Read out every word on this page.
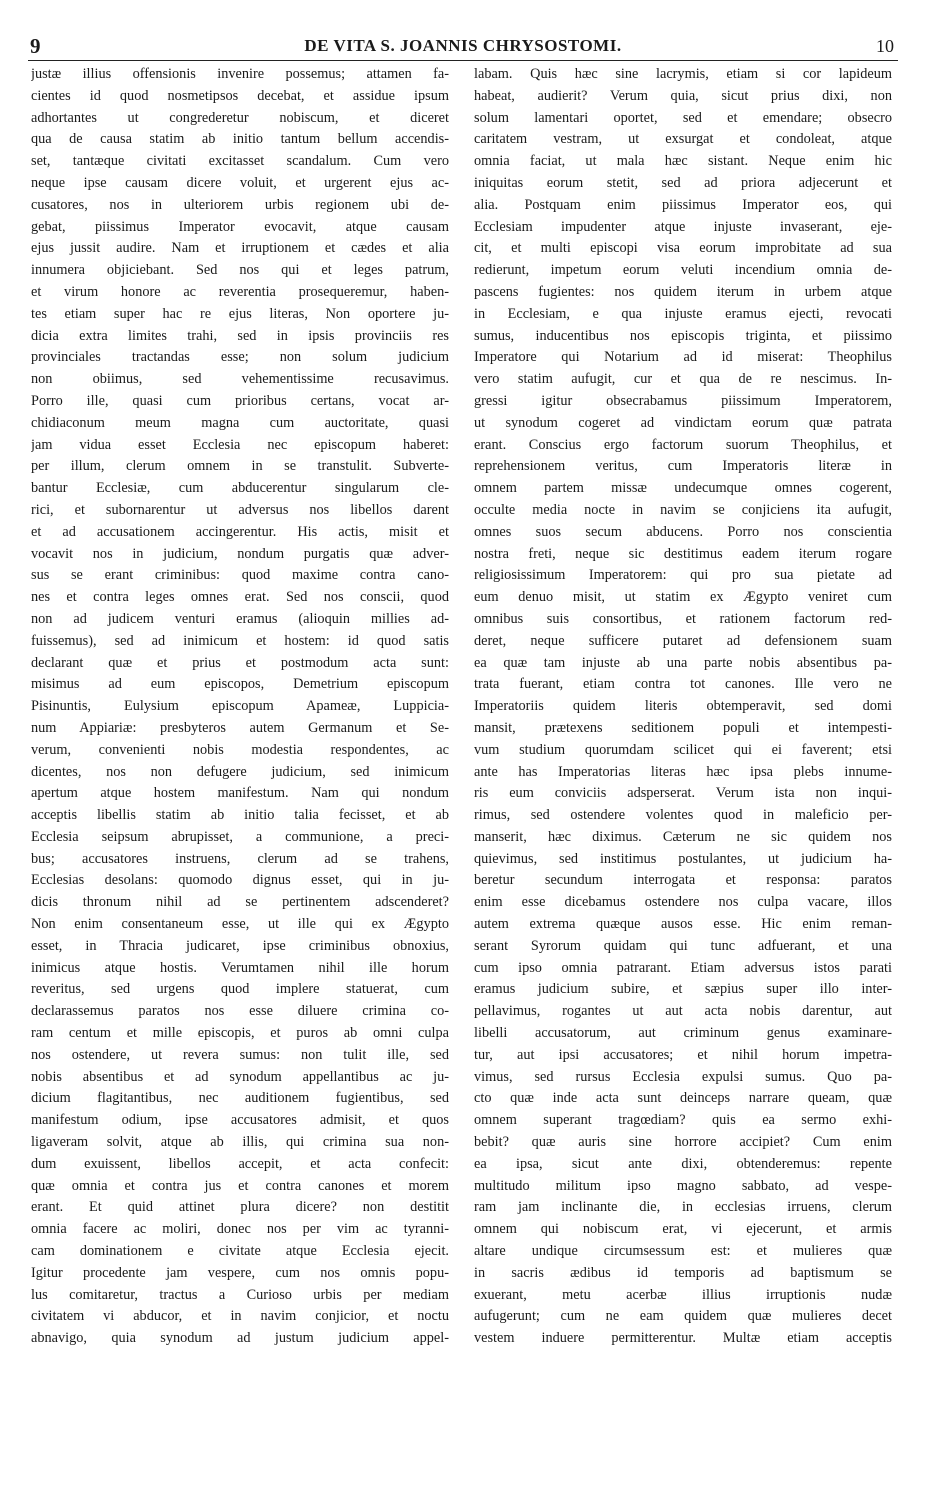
9	DE VITA S. JOANNIS CHRYSOSTOMI.	10
justæ illius offensionis invenire possemus; attamen fa-
cientes id quod nosmetipsos decebat, et assidue ipsum
adhortantes ut congrederetur nobiscum, et diceret
qua de causa statim ab initio tantum bellum accendis-
set, tantæque civitati excitasset scandalum. Cum vero
neque ipse causam dicere voluit, et urgerent ejus ac-
cusatores, nos in ulteriorem urbis regionem ubi de-
gebat, piissimus Imperator evocavit, atque causam
ejus jussit audire. Nam et irruptionem et cædes et alia
innumera objiciebant. Sed nos qui et leges patrum,
et virum honore ac reverentia prosequeremur, haben-
tes etiam super hac re ejus literas, Non oportere ju-
dicia extra limites trahi, sed in ipsis provinciis res
provinciales tractandas esse; non solum judicium
non obiimus, sed vehementissime recusavimus.
Porro ille, quasi cum prioribus certans, vocat ar-
chidiaconum meum magna cum auctoritate, quasi
jam vidua esset Ecclesia nec episcopum haberet:
per illum, clerum omnem in se transtulit. Subverte-
bantur Ecclesiæ, cum abducerentur singularum cle-
rici, et subornarentur ut adversus nos libellos darent
et ad accusationem accingerentur. His actis, misit et
vocavit nos in judicium, nondum purgatis quæ adver-
sus se erant criminibus: quod maxime contra cano-
nes et contra leges omnes erat. Sed nos conscii, quod
non ad judicem venturi eramus (alioquin millies ad-
fuissemus), sed ad inimicum et hostem: id quod satis
declarant quæ et prius et postmodum acta sunt:
misimus ad eum episcopos, Demetrium episcopum
Pisinuntis, Eulysium episcopum Apameæ, Luppicia-
num Appiariæ: presbyteros autem Germanum et Se-
verum, convenienti nobis modestia respondentes, ac
dicentes, nos non defugere judicium, sed inimicum
apertum atque hostem manifestum. Nam qui nondum
acceptis libellis statim ab initio talia fecisset, et ab
Ecclesia seipsum abrupisset, a communione, a preci-
bus; accusatores instruens, clerum ad se trahens,
Ecclesias desolans: quomodo dignus esset, qui in ju-
dicis thronum nihil ad se pertinentem adscenderet?
Non enim consentaneum esse, ut ille qui ex Ægypto
esset, in Thracia judicaret, ipse criminibus obnoxius,
inimicus atque hostis. Verumtamen nihil ille horum
reveritus, sed urgens quod implere statuerat, cum
declarassemus paratos nos esse diluere crimina co-
ram centum et mille episcopis, et puros ab omni culpa
nos ostendere, ut revera sumus: non tulit ille, sed
nobis absentibus et ad synodum appellantibus ac ju-
dicium flagitantibus, nec auditionem fugientibus, sed
manifestum odium, ipse accusatores admisit, et quos
ligaveram solvit, atque ab illis, qui crimina sua non-
dum exuissent, libellos accepit, et acta confecit:
quæ omnia et contra jus et contra canones et morem
erant. Et quid attinet plura dicere? non destitit
omnia facere ac moliri, donec nos per vim ac tyranni-
cam dominationem e civitate atque Ecclesia ejecit.
Igitur procedente jam vespere, cum nos omnis popu-
lus comitaretur, tractus a Curioso urbis per mediam
civitatem vi abducor, et in navim conjicior, et noctu
abnavigo, quia synodum ad justum judicium appel-
labam. Quis hæc sine lacrymis, etiam si cor lapideum
habeat, audierit? Verum quia, sicut prius dixi, non
solum lamentari oportet, sed et emendare; obsecro
caritatem vestram, ut exsurgat et condoleat, atque
omnia faciat, ut mala hæc sistant. Neque enim hic
iniquitas eorum stetit, sed ad priora adjecerunt et
alia. Postquam enim piissimus Imperator eos, qui
Ecclesiam impudenter atque injuste invaserant, eje-
cit, et multi episcopi visa eorum improbitate ad sua
redierunt, impetum eorum veluti incendium omnia de-
pascens fugientes: nos quidem iterum in urbem atque
in Ecclesiam, e qua injuste eramus ejecti, revocati
sumus, inducentibus nos episcopis triginta, et piissimo
Imperatore qui Notarium ad id miserat: Theophilus
vero statim aufugit, cur et qua de re nescimus. In-
gressi igitur obsecrabamus piissimum Imperatorem,
ut synodum cogeret ad vindictam eorum quæ patrata
erant. Conscius ergo factorum suorum Theophilus, et
reprehensionem veritus, cum Imperatoris literæ in
omnem partem missæ undecumque omnes cogerent,
occulte media nocte in navim se conjiciens ita aufugit,
omnes suos secum abducens. Porro nos conscientia
nostra freti, neque sic destitimus eadem iterum rogare
religiosissimum Imperatorem: qui pro sua pietate ad
eum denuo misit, ut statim ex Ægypto veniret cum
omnibus suis consortibus, et rationem factorum red-
deret, neque sufficere putaret ad defensionem suam
ea quæ tam injuste ab una parte nobis absentibus pa-
trata fuerant, etiam contra tot canones. Ille vero ne
Imperatoriis quidem literis obtemperavit, sed domi
mansit, prætexens seditionem populi et intempesti-
vum studium quorumdam scilicet qui ei faverent; etsi
ante has Imperatorias literas hæc ipsa plebs innume-
ris eum conviciis adsperserat. Verum ista non inqui-
rimus, sed ostendere volentes quod in maleficio per-
manserit, hæc diximus. Cæterum ne sic quidem nos
quievimus, sed institimus postulantes, ut judicium ha-
beretur secundum interrogata et responsa: paratos
enim esse dicebamus ostendere nos culpa vacare, illos
autem extrema quæque ausos esse. Hic enim reman-
serant Syrorum quidam qui tunc adfuerant, et una
cum ipso omnia patrarant. Etiam adversus istos parati
eramus judicium subire, et sæpius super illo inter-
pellavimus, rogantes ut aut acta nobis darentur, aut
libelli accusatorum, aut criminum genus examinare-
tur, aut ipsi accusatores; et nihil horum impetra-
vimus, sed rursus Ecclesia expulsi sumus. Quo pa-
cto quæ inde acta sunt deinceps narrare queam, quæ
omnem superant tragœdiam? quis ea sermo exhi-
bebit? quæ auris sine horrore accipiet? Cum enim
ea ipsa, sicut ante dixi, obtenderemus: repente
multitudo militum ipso magno sabbato, ad vespe-
ram jam inclinante die, in ecclesias irruens, clerum
omnem qui nobiscum erat, vi ejecerunt, et armis
altare undique circumsessum est: et mulieres quæ
in sacris ædibus id temporis ad baptismum se
exuerant, metu acerbæ illius irruptionis nudæ
aufugerunt; cum ne eam quidem quæ mulieres decet
vestem induere permitterentur. Multæ etiam acceptis
